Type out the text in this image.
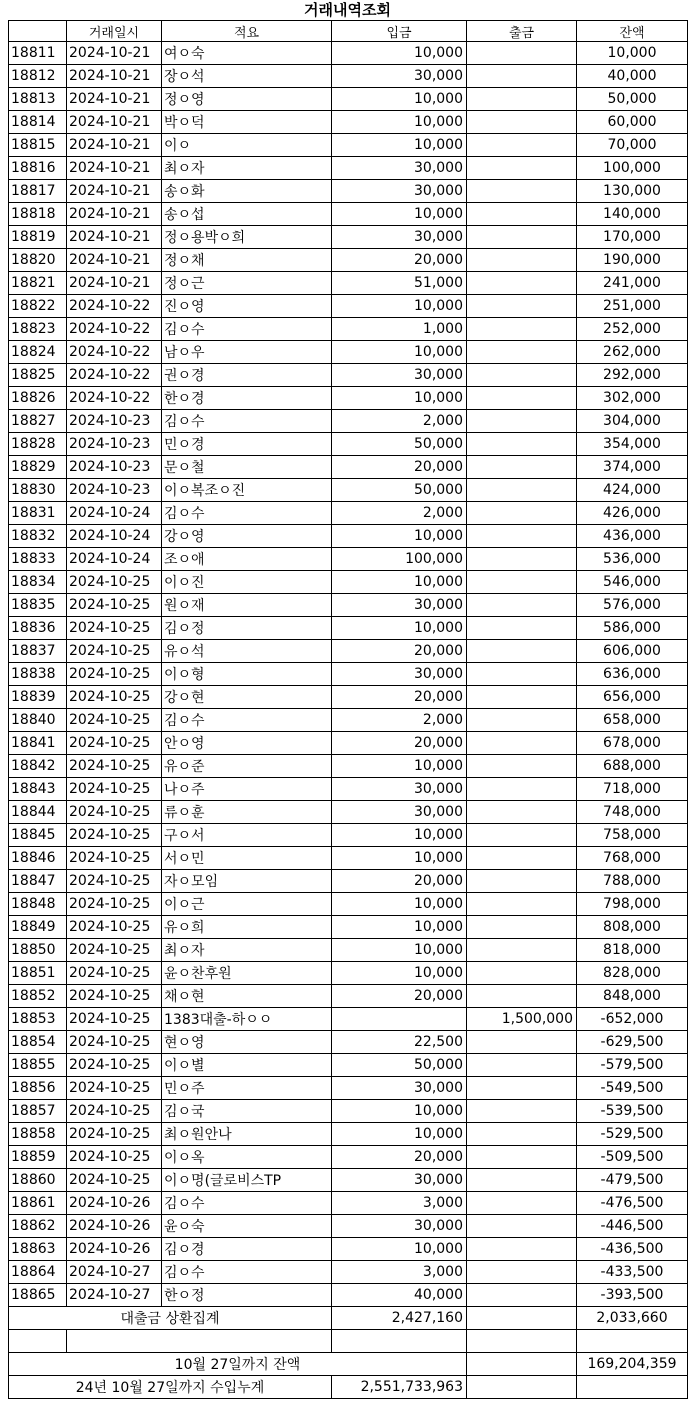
거래내역조회
	거래일시	적요	입금	출금	잔액
18811	2024-10-21	여ㅇ숙	10,000		10,000
18812	2024-10-21	장ㅇ석	30,000		40,000
18813	2024-10-21	정ㅇ영	10,000		50,000
18814	2024-10-21	박ㅇ덕	10,000		60,000
18815	2024-10-21	이ㅇ	10,000		70,000
18816	2024-10-21	최ㅇ자	30,000		100,000
18817	2024-10-21	송ㅇ화	30,000		130,000
18818	2024-10-21	송ㅇ섭	10,000		140,000
18819	2024-10-21	정ㅇ용박ㅇ희	30,000		170,000
18820	2024-10-21	정ㅇ채	20,000		190,000
18821	2024-10-21	정ㅇ근	51,000		241,000
18822	2024-10-22	진ㅇ영	10,000		251,000
18823	2024-10-22	김ㅇ수	1,000		252,000
18824	2024-10-22	남ㅇ우	10,000		262,000
18825	2024-10-22	권ㅇ경	30,000		292,000
18826	2024-10-22	한ㅇ경	10,000		302,000
18827	2024-10-23	김ㅇ수	2,000		304,000
18828	2024-10-23	민ㅇ경	50,000		354,000
18829	2024-10-23	문ㅇ철	20,000		374,000
18830	2024-10-23	이ㅇ복조ㅇ진	50,000		424,000
18831	2024-10-24	김ㅇ수	2,000		426,000
18832	2024-10-24	강ㅇ영	10,000		436,000
18833	2024-10-24	조ㅇ애	100,000		536,000
18834	2024-10-25	이ㅇ진	10,000		546,000
18835	2024-10-25	원ㅇ재	30,000		576,000
18836	2024-10-25	김ㅇ정	10,000		586,000
18837	2024-10-25	유ㅇ석	20,000		606,000
18838	2024-10-25	이ㅇ형	30,000		636,000
18839	2024-10-25	강ㅇ현	20,000		656,000
18840	2024-10-25	김ㅇ수	2,000		658,000
18841	2024-10-25	안ㅇ영	20,000		678,000
18842	2024-10-25	유ㅇ준	10,000		688,000
18843	2024-10-25	나ㅇ주	30,000		718,000
18844	2024-10-25	류ㅇ훈	30,000		748,000
18845	2024-10-25	구ㅇ서	10,000		758,000
18846	2024-10-25	서ㅇ민	10,000		768,000
18847	2024-10-25	자ㅇ모임	20,000		788,000
18848	2024-10-25	이ㅇ근	10,000		798,000
18849	2024-10-25	유ㅇ희	10,000		808,000
18850	2024-10-25	최ㅇ자	10,000		818,000
18851	2024-10-25	윤ㅇ찬후원	10,000		828,000
18852	2024-10-25	채ㅇ현	20,000		848,000
18853	2024-10-25	1383대출-하ㅇㅇ		1,500,000	-652,000
18854	2024-10-25	현ㅇ영	22,500		-629,500
18855	2024-10-25	이ㅇ별	50,000		-579,500
18856	2024-10-25	민ㅇ주	30,000		-549,500
18857	2024-10-25	김ㅇ국	10,000		-539,500
18858	2024-10-25	최ㅇ원안나	10,000		-529,500
18859	2024-10-25	이ㅇ옥	20,000		-509,500
18860	2024-10-25	이ㅇ명(글로비스TP	30,000		-479,500
18861	2024-10-26	김ㅇ수	3,000		-476,500
18862	2024-10-26	윤ㅇ숙	30,000		-446,500
18863	2024-10-26	김ㅇ경	10,000		-436,500
18864	2024-10-27	김ㅇ수	3,000		-433,500
18865	2024-10-27	한ㅇ정	40,000		-393,500
대출금 상환집계			2,427,160		2,033,660

10월 27일까지 잔액					169,204,359
24년 10월 27일까지 수입누계			2,551,733,963		
